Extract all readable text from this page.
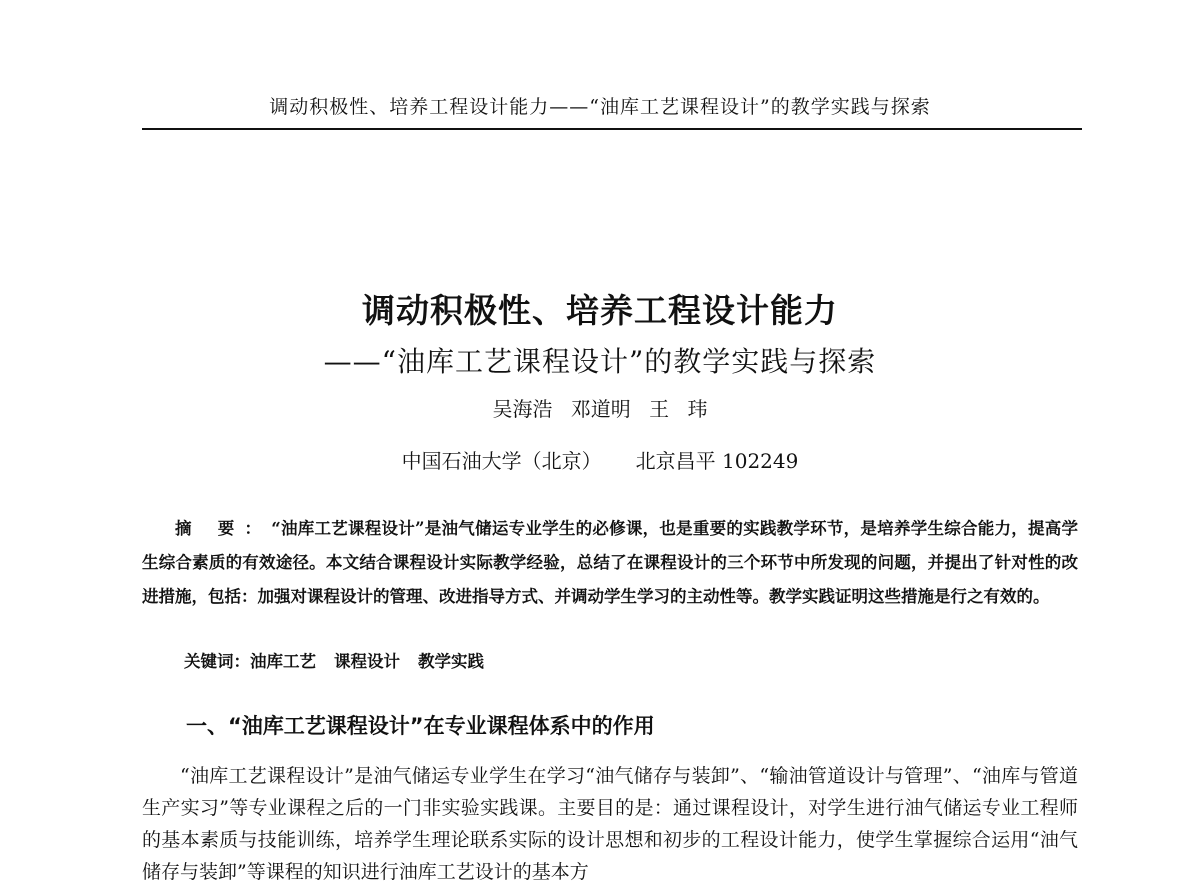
调动积极性、培养工程设计能力——“油库工艺课程设计”的教学实践与探索
调动积极性、培养工程设计能力
——“油库工艺课程设计”的教学实践与探索
吴海浩 邓道明 王 玮
中国石油大学（北京） 北京昌平 102249
摘 要：“油库工艺课程设计”是油气储运专业学生的必修课，也是重要的实践教学环节，是培养学生综合能力，提高学生综合素质的有效途径。本文结合课程设计实际教学经验，总结了在课程设计的三个环节中所发现的问题，并提出了针对性的改进措施，包括：加强对课程设计的管理、改进指导方式、并调动学生学习的主动性等。教学实践证明这些措施是行之有效的。
关键词：油库工艺 课程设计 教学实践
一、“油库工艺课程设计”在专业课程体系中的作用
“油库工艺课程设计”是油气储运专业学生在学习“油气储存与装卸”、“输油管道设计与管理”、“油库与管道生产实习”等专业课程之后的一门非实验实践课。主要目的是：通过课程设计，对学生进行油气储运专业工程师的基本素质与技能训练，培养学生理论联系实际的设计思想和初步的工程设计能力，使学生掌握综合运用“油气储存与装卸”等课程的知识进行油库工艺设计的基本方
